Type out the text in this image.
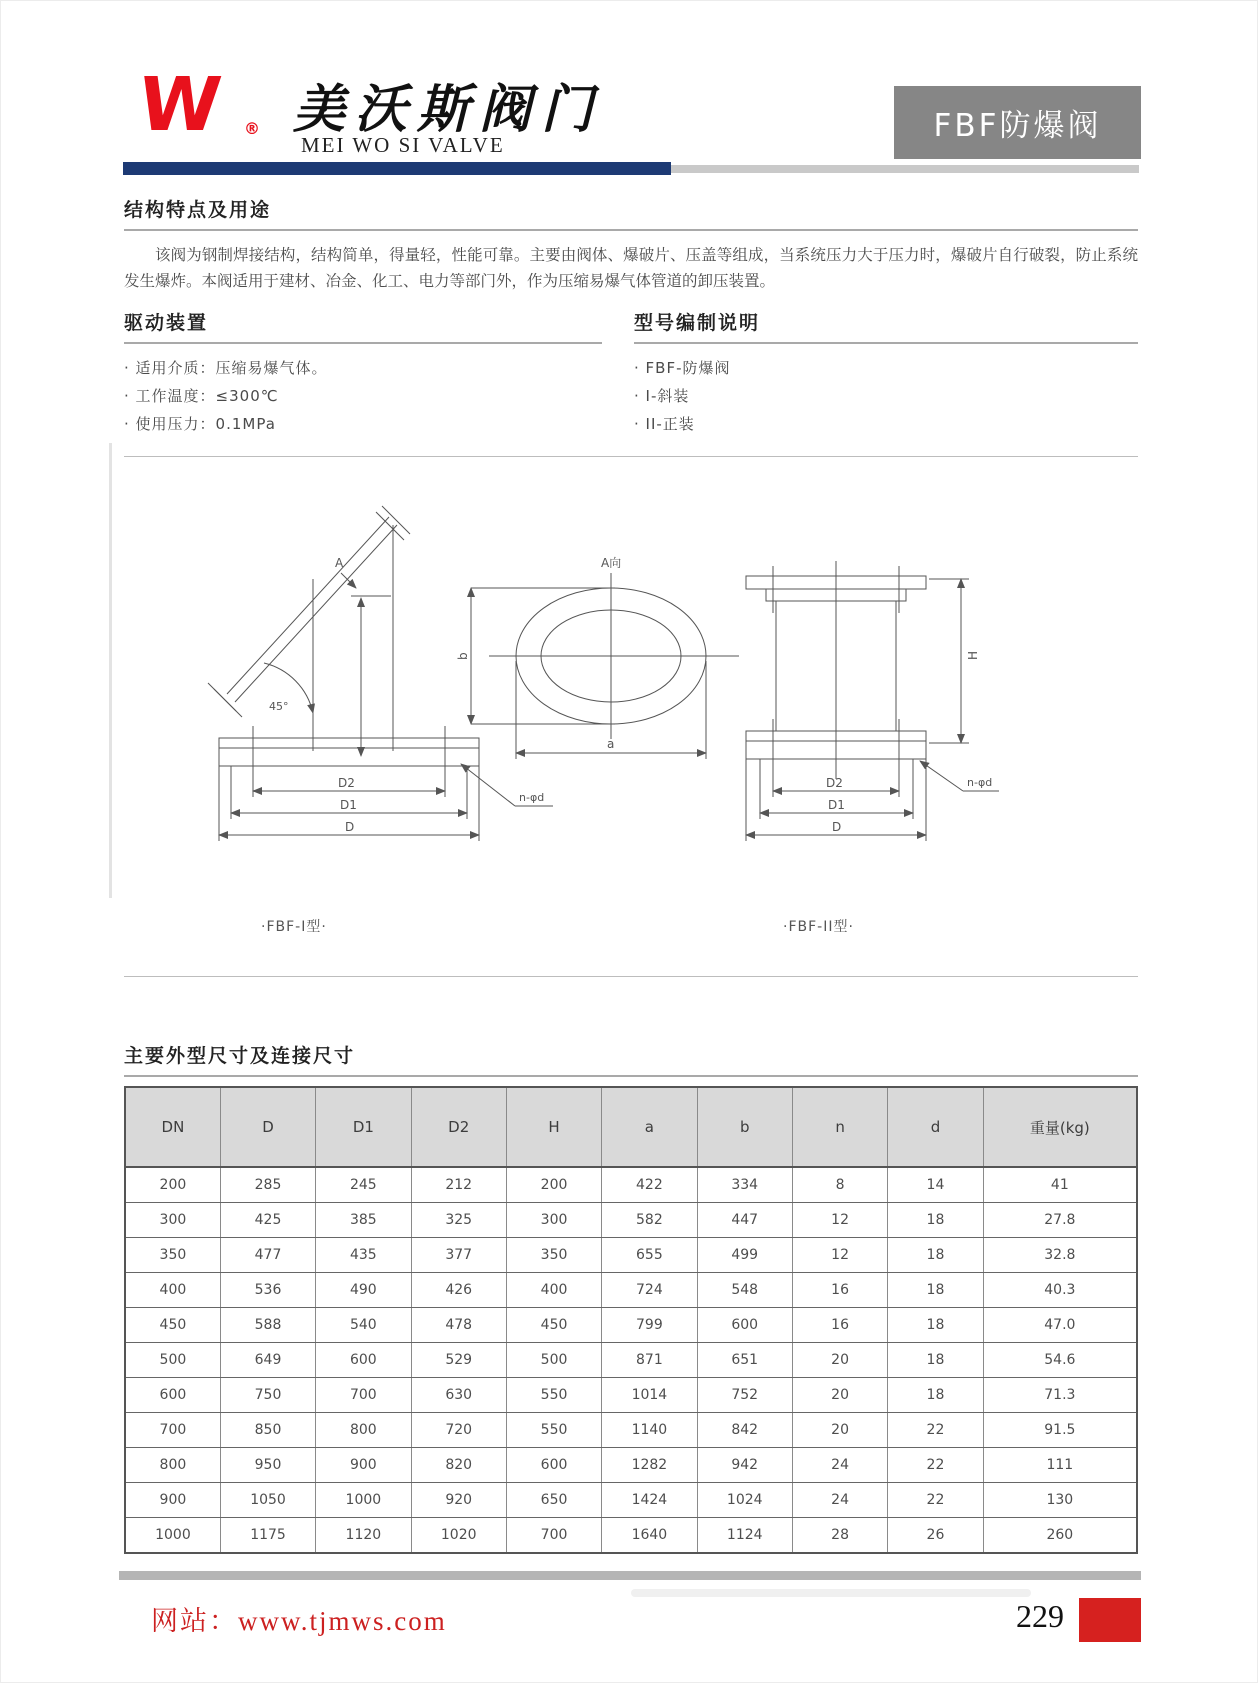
W ® 美沃斯阀门
MEI WO SI VALVE
FBF防爆阀
结构特点及用途
该阀为钢制焊接结构，结构简单，得量轻，性能可靠。主要由阀体、爆破片、压盖等组成，当系统压力大于压力时，爆破片自行破裂，防止系统发生爆炸。本阀适用于建材、冶金、化工、电力等部门外，作为压缩易爆气体管道的卸压装置。
驱动装置
· 适用介质：压缩易爆气体。
· 工作温度：≤300℃
· 使用压力：0.1MPa
型号编制说明
· FBF-防爆阀
· I-斜装
· II-正装
A
45°
D2
D1
D
n-φd
·FBF-I型·
A向
b
a
H
D2
D1
D
n-φd
·FBF-II型·
主要外型尺寸及连接尺寸
DN	D	D1	D2	H	a	b	n	d	重量(kg)
200	285	245	212	200	422	334	8	14	41
300	425	385	325	300	582	447	12	18	27.8
350	477	435	377	350	655	499	12	18	32.8
400	536	490	426	400	724	548	16	18	40.3
450	588	540	478	450	799	600	16	18	47.0
500	649	600	529	500	871	651	20	18	54.6
600	750	700	630	550	1014	752	20	18	71.3
700	850	800	720	550	1140	842	20	22	91.5
800	950	900	820	600	1282	942	24	22	111
900	1050	1000	920	650	1424	1024	24	22	130
1000	1175	1120	1020	700	1640	1124	28	26	260
网站：www.tjmws.com	229
